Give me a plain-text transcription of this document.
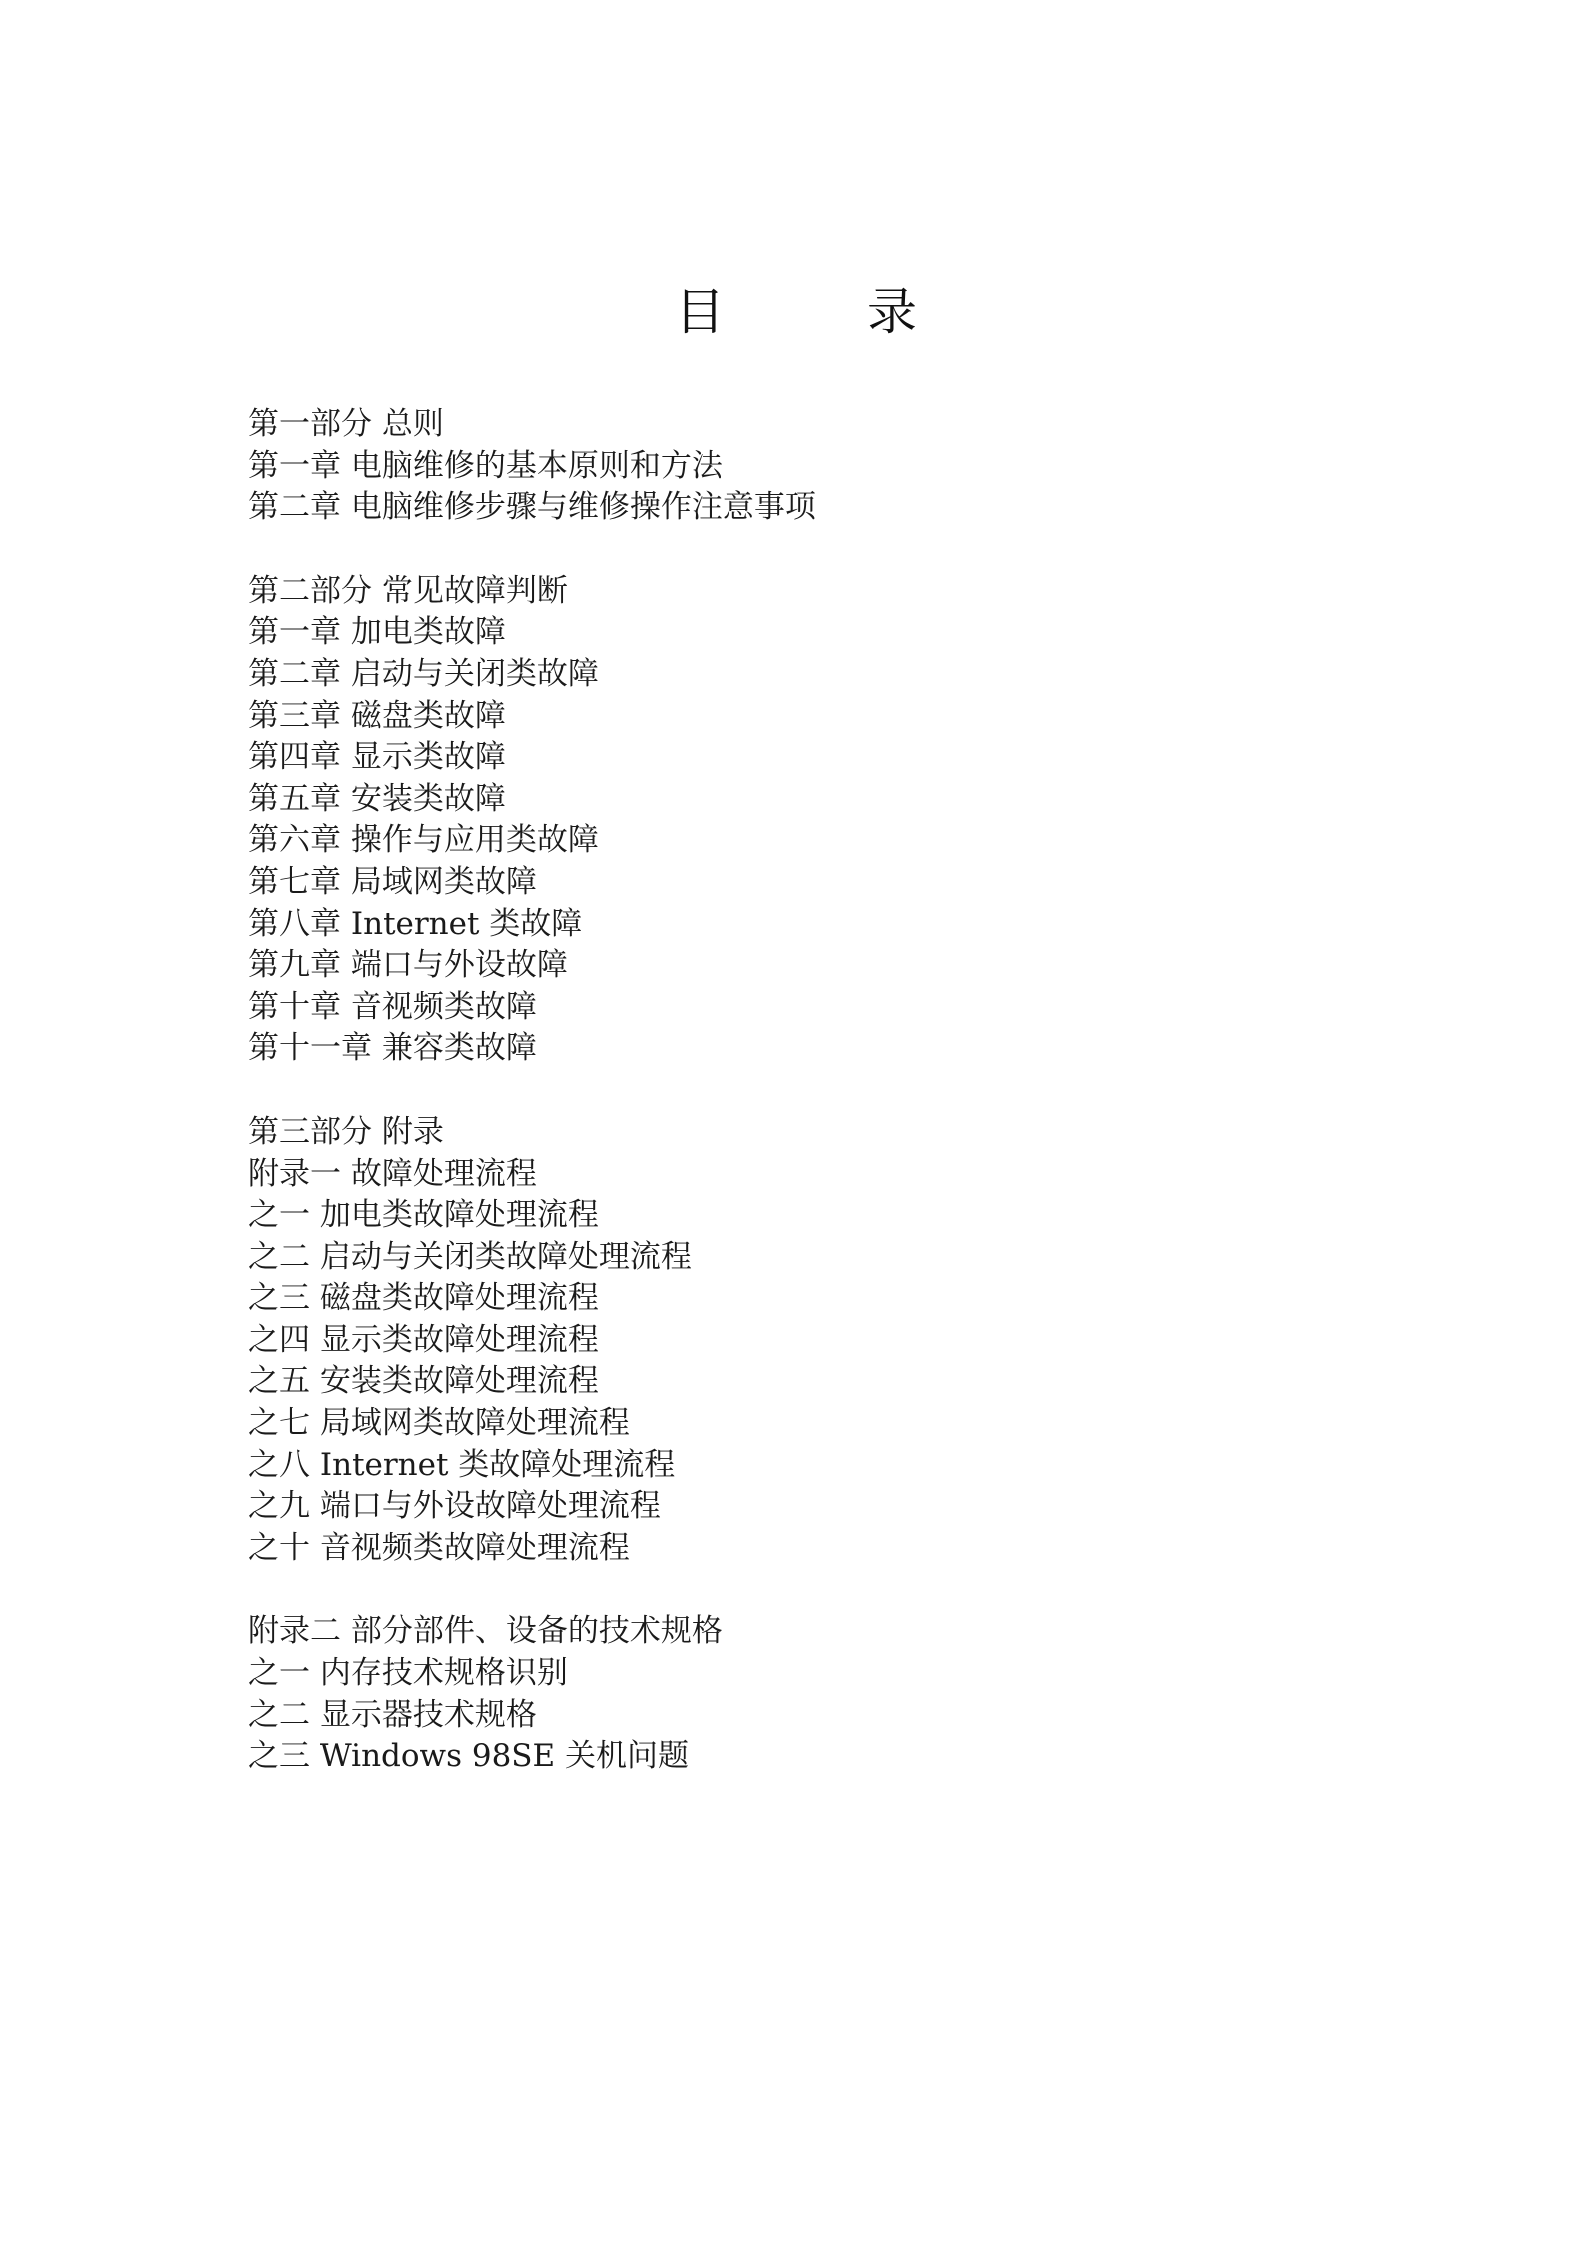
目	录
第一部分 总则
第一章 电脑维修的基本原则和方法
第二章 电脑维修步骤与维修操作注意事项
第二部分 常见故障判断
第一章 加电类故障
第二章 启动与关闭类故障
第三章 磁盘类故障
第四章 显示类故障
第五章 安装类故障
第六章 操作与应用类故障
第七章 局域网类故障
第八章 Internet 类故障
第九章 端口与外设故障
第十章 音视频类故障
第十一章 兼容类故障
第三部分 附录
附录一 故障处理流程
之一 加电类故障处理流程
之二 启动与关闭类故障处理流程
之三 磁盘类故障处理流程
之四 显示类故障处理流程
之五 安装类故障处理流程
之七 局域网类故障处理流程
之八 Internet 类故障处理流程
之九 端口与外设故障处理流程
之十 音视频类故障处理流程
附录二 部分部件、设备的技术规格
之一 内存技术规格识别
之二 显示器技术规格
之三 Windows 98SE 关机问题
